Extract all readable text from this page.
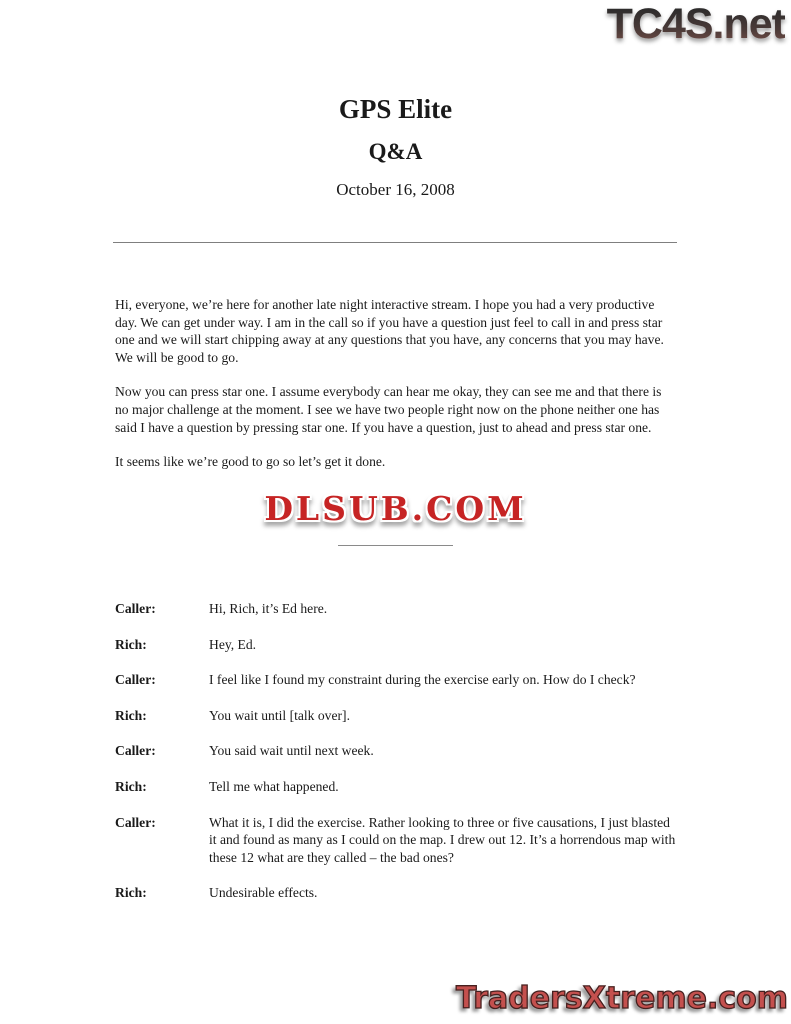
TC4S.net
GPS Elite
Q&A
October 16, 2008

Hi, everyone, we’re here for another late night interactive stream. I hope you had a very productive day. We can get under way. I am in the call so if you have a question just feel to call in and press star one and we will start chipping away at any questions that you have, any concerns that you may have. We will be good to go.

Now you can press star one. I assume everybody can hear me okay, they can see me and that there is no major challenge at the moment. I see we have two people right now on the phone neither one has said I have a question by pressing star one. If you have a question, just to ahead and press star one.

It seems like we’re good to go so let’s get it done.

DLSUB.COM
Caller:	Hi, Rich, it’s Ed here.
Rich:	Hey, Ed.
Caller:	I feel like I found my constraint during the exercise early on. How do I check?
Rich:	You wait until [talk over].
Caller:	You said wait until next week.
Rich:	Tell me what happened.
Caller:	What it is, I did the exercise. Rather looking to three or five causations, I just blasted it and found as many as I could on the map. I drew out 12. It’s a horrendous map with these 12 what are they called – the bad ones?
Rich:	Undesirable effects.
TradersXtreme.com
